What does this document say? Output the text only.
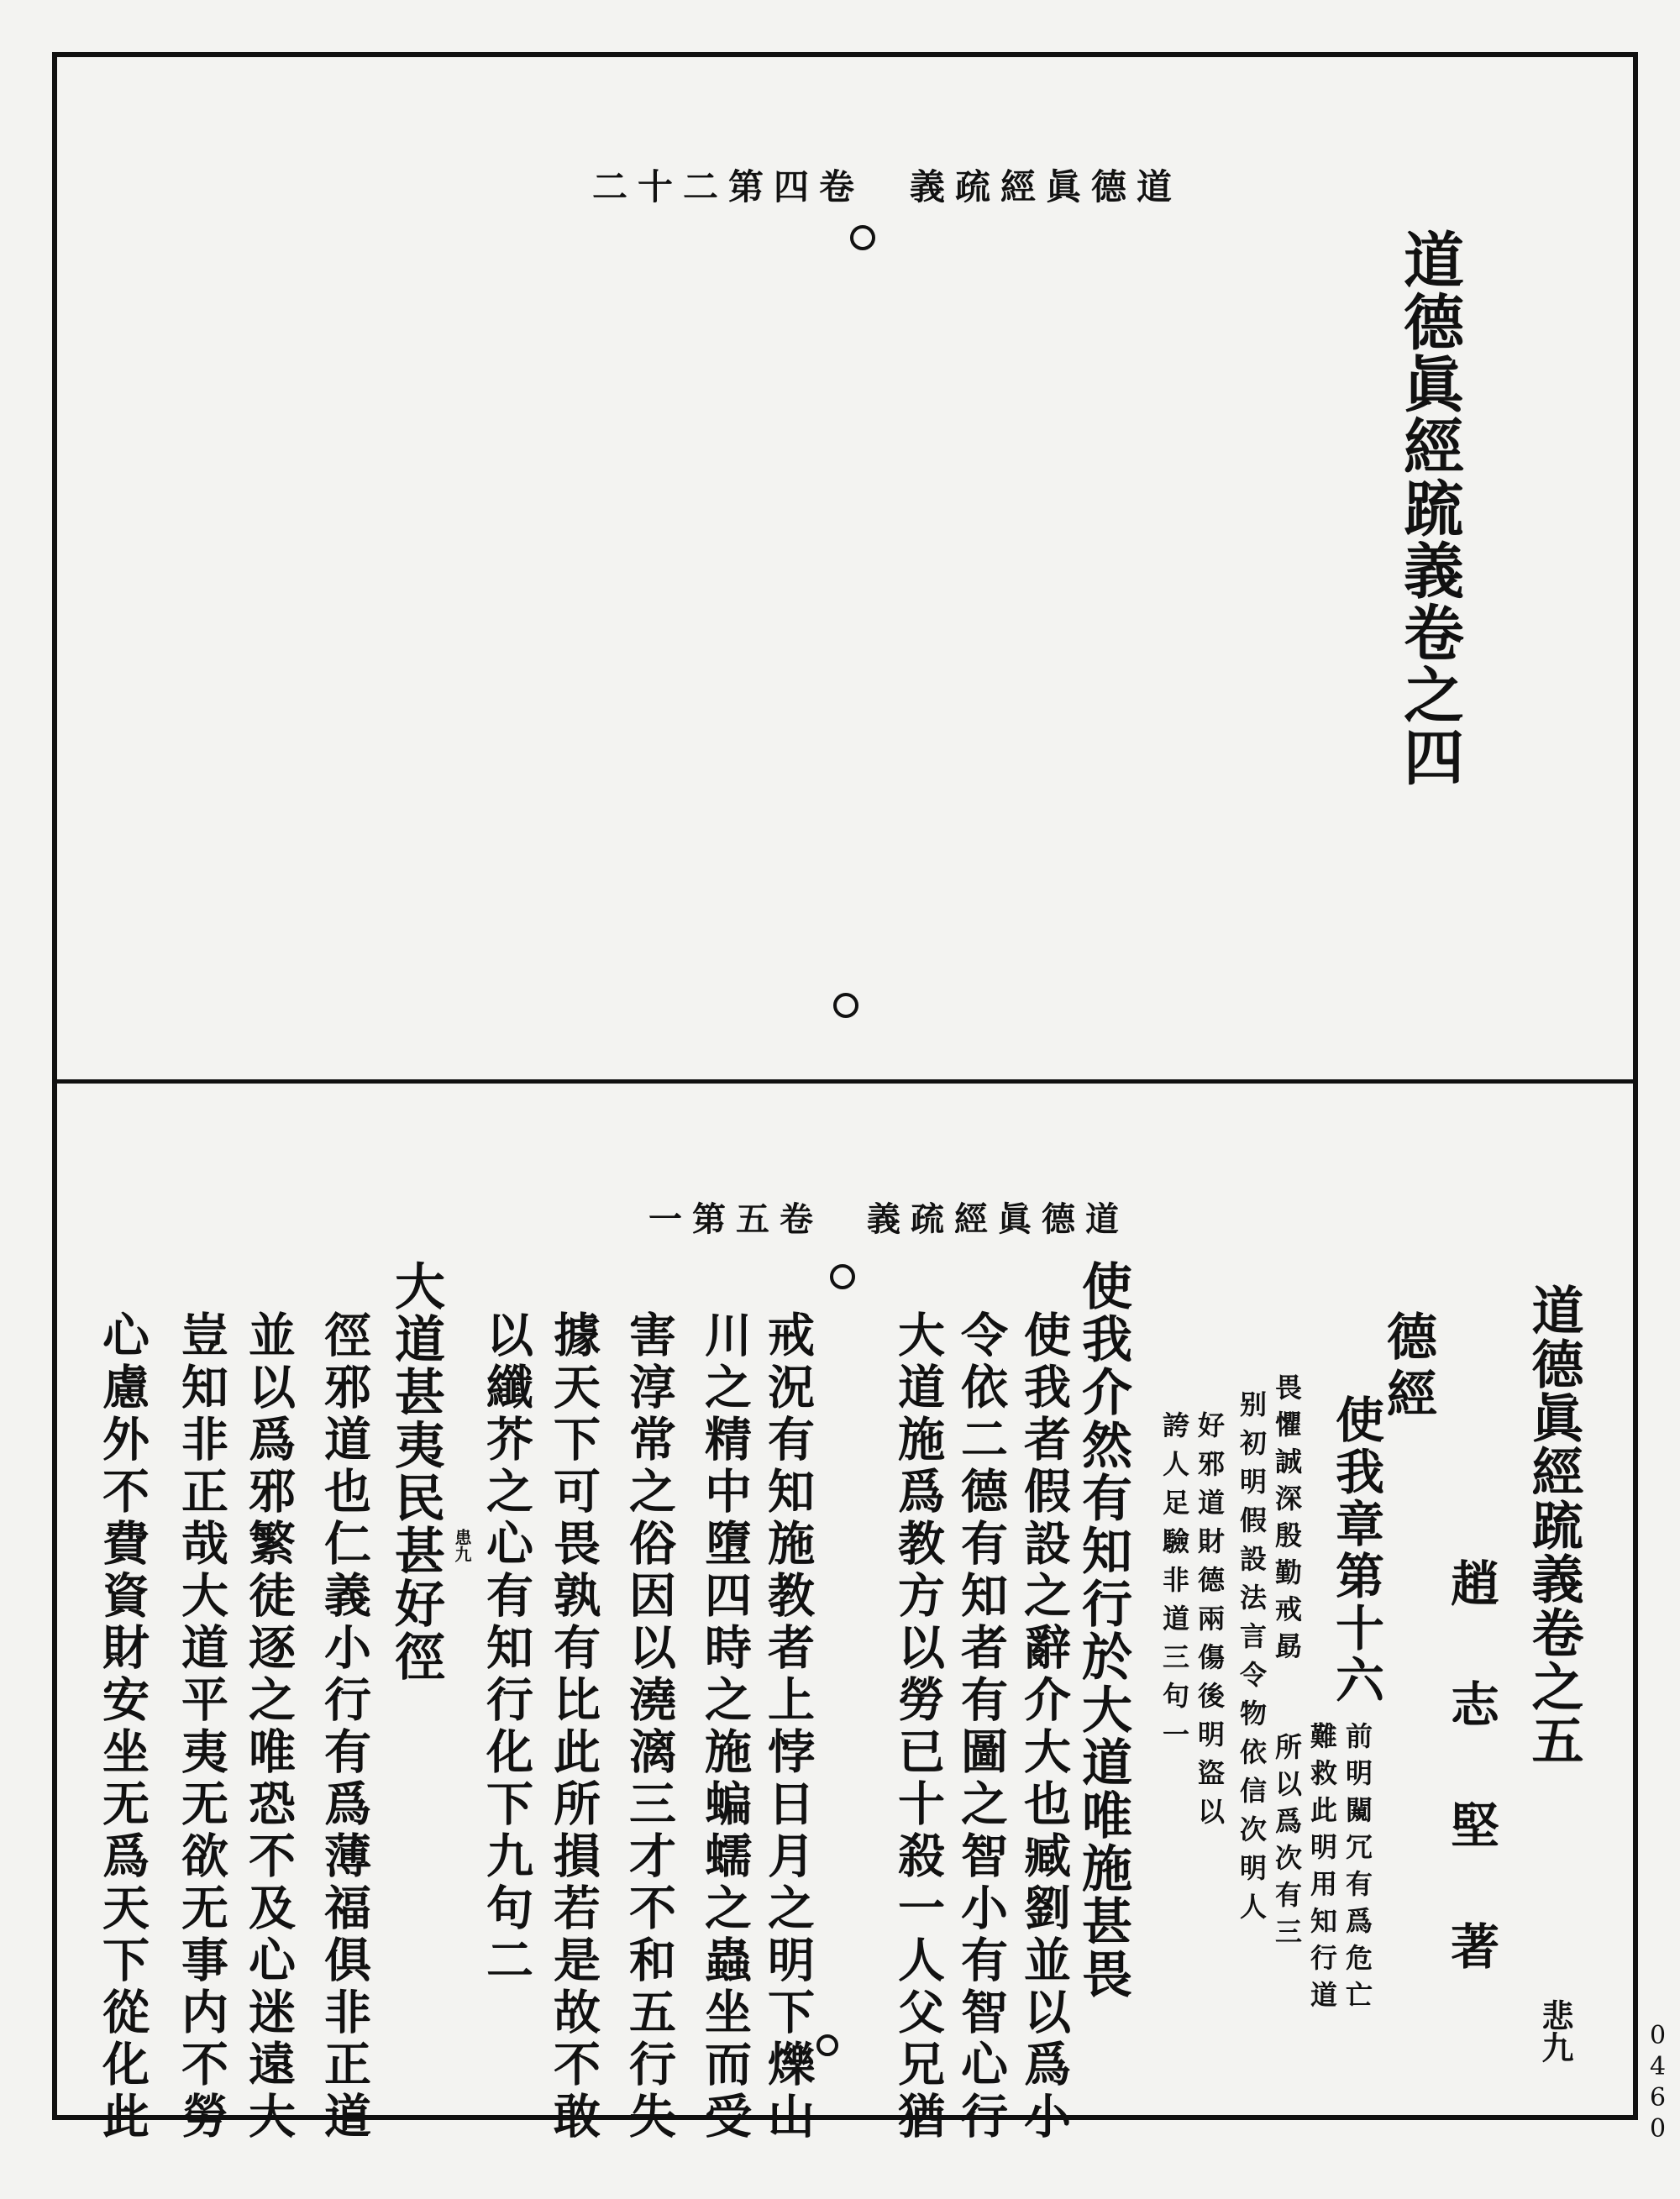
二十二第四卷　義疏經眞德道
道德眞經䟽義卷之四
一第五卷　義疏經眞德道
道德眞經䟽義卷之五
趙志堅著 悲九
德經
使我章第十六
前明闚冗有爲危亡
難救此明用知行道
畏懼誠深殷勤戒勗
所以爲次有三
别初明假設法言令物依信次明人
好邪道財德兩傷後明盜以
誇人足驗非道三句一
使我介然有知行於大道唯施甚畏
使我者假設之辭介大也臧劉並以爲小
令依二德有知者有圖之智小有智心行
大道施爲教方以勞已十殺一人父兄猶
戒況有知施教者上悖日月之明下爍山
川之精中墮四時之施蝙蠕之蟲坐而受
害淳常之俗因以澆漓三才不和五行失
據天下可畏孰有比此所損若是故不敢
以纖芥之心有知行化下九句二
患九
大道甚夷民甚好徑
徑邪道也仁義小行有爲薄福俱非正道
並以爲邪繁徒逐之唯恐不及心迷遠大
豈知非正哉大道平夷无欲无事内不勞
心慮外不費資財安坐无爲天下從化此	0460
